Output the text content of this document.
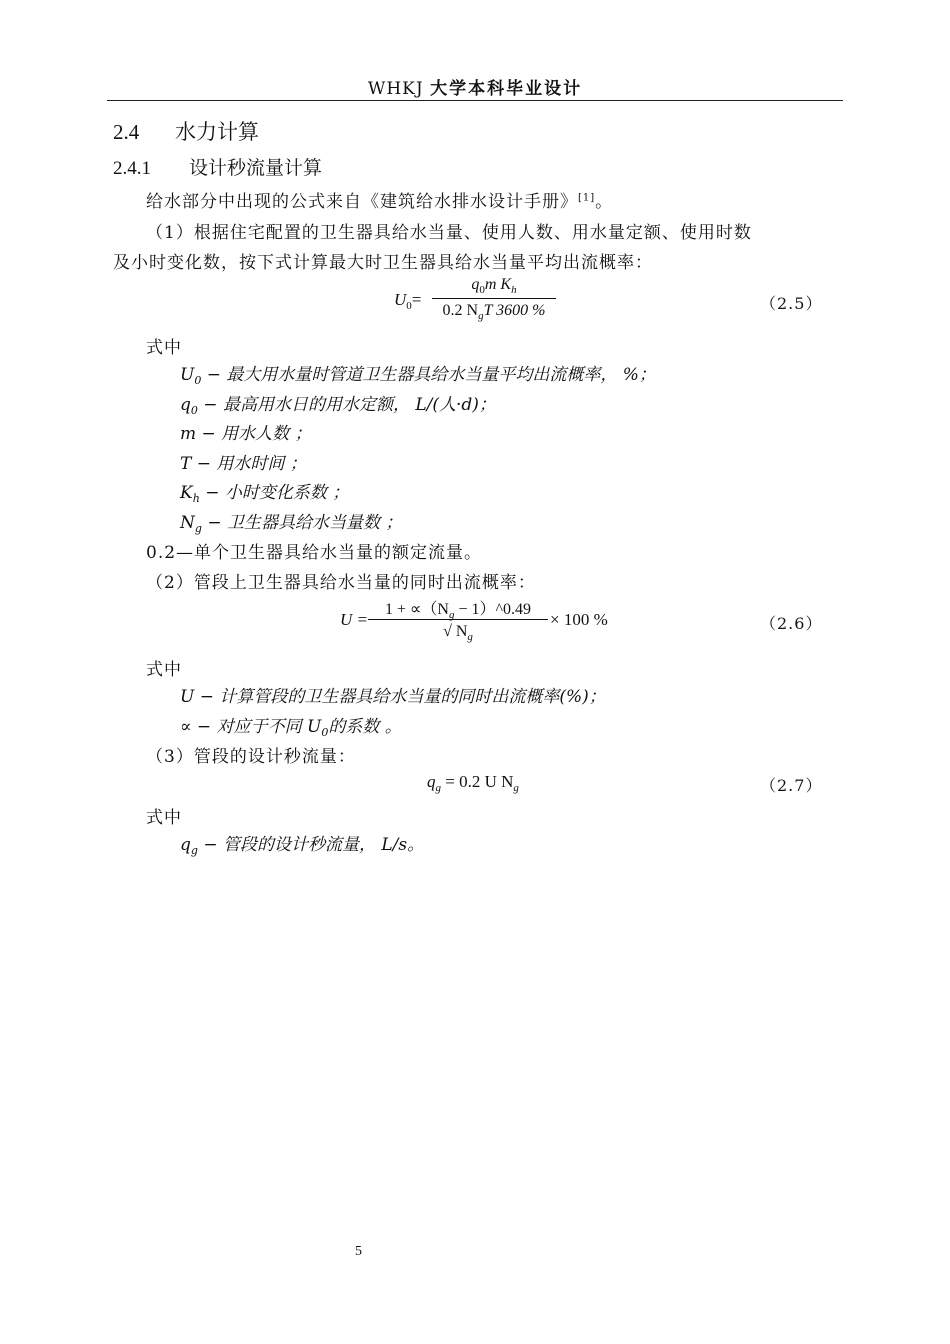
WHKJ 大学本科毕业设计
2.4 水力计算
2.4.1 设计秒流量计算
给水部分中出现的公式来自《建筑给水排水设计手册》[1]。
（1）根据住宅配置的卫生器具给水当量、使用人数、用水量定额、使用时数
及小时变化数，按下式计算最大时卫生器具给水当量平均出流概率：
$U_0=$
$q_0m$ $K_h$
0.2 $N_gT$ 3600 %	（2.5）
式中
$U_0$ − 最大用水量时管道卫生器具给水当量平均出流概率， %；
$q_0$ − 最高用水日的用水定额， L/(人·d)；
m − 用水人数 ；
T − 用水时间 ；
$K_h$ − 小时变化系数 ；
$N_g$ − 卫生器具给水当量数 ；
0.2—单个卫生器具给水当量的额定流量。
（2）管段上卫生器具给水当量的同时出流概率：
U =
$1 + \propto(N_g$ − 1）^0.49
√ $N_g$
× 100 %	（2.6）
式中
U − 计算管段的卫生器具给水当量的同时出流概率(%)；
∝ − 对应于不同 $U_0$的系数 。
（3）管段的设计秒流量：
$q_g = 0.2$ U $N_g$	（2.7）
式中
$q_g$ − 管段的设计秒流量， L/s。
5
